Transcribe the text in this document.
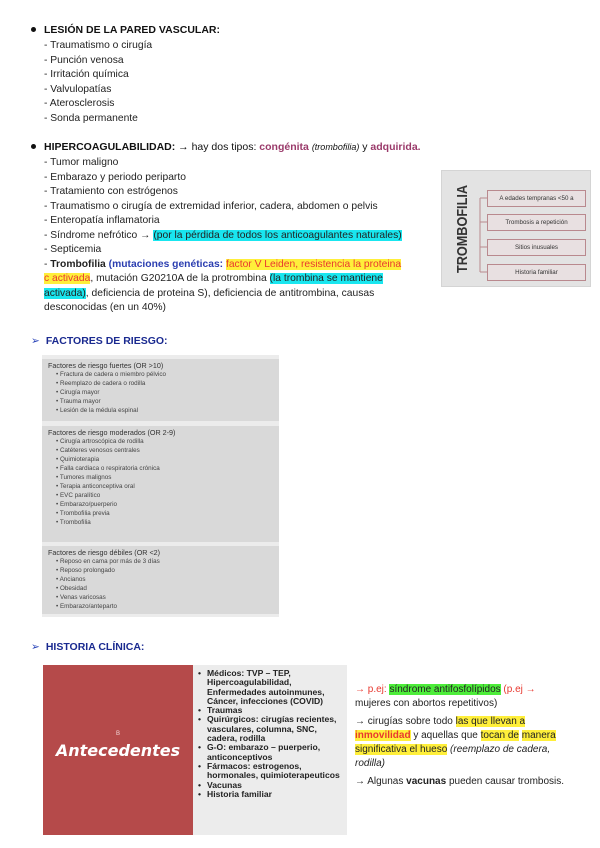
LESIÓN DE LA PARED VASCULAR:
- Traumatismo o cirugía
- Punción venosa
- Irritación química
- Valvulopatías
- Aterosclerosis
- Sonda permanente
HIPERCOAGULABILIDAD: → hay dos tipos: congénita (trombofilia) y adquirida.
- Tumor maligno
- Embarazo y periodo periparto
- Tratamiento con estrógenos
- Traumatismo o cirugía de extremidad inferior, cadera, abdomen o pelvis
- Enteropatía inflamatoria
- Síndrome nefrótico → (por la pérdida de todos los anticoagulantes naturales)
- Septicemia
- Trombofilia (mutaciones genéticas: factor V Leiden, resistencia la proteina
c activada, mutación G20210A de la protrombina (la trombina se mantiene
activada), deficiencia de proteina S), deficiencia de antitrombina, causas
desconocidas (en un 40%)
TROMBOFILIA	A edades tempranas <50 a
Trombosis a repetición
Sitios inusuales
Historia familiar
➢ FACTORES DE RIESGO:
Factores de riesgo fuertes (OR >10)
• Fractura de cadera o miembro pélvico
• Reemplazo de cadera o rodilla
• Cirugía mayor
• Trauma mayor
• Lesión de la médula espinal
Factores de riesgo moderados (OR 2-9)
• Cirugía artroscópica de rodilla
• Catéteres venosos centrales
• Quimioterapia
• Falla cardiaca o respiratoria crónica
• Tumores malignos
• Terapia anticonceptiva oral
• EVC paralítico
• Embarazo/puerperio
• Trombofilia previa
• Trombofilia
Factores de riesgo débiles (OR <2)
• Reposo en cama por más de 3 días
• Reposo prolongado
• Ancianos
• Obesidad
• Venas varicosas
• Embarazo/anteparto
➢ HISTORIA CLÍNICA:
B
Antecedentes
• Médicos: TVP – TEP, Hipercoagulabilidad, Enfermedades autoinmunes, Cáncer, infecciones (COVID)
• Traumas
• Quirúrgicos: cirugías recientes, vasculares, columna, SNC, cadera, rodilla
• G-O: embarazo – puerperio, anticonceptivos
• Fármacos: estrogenos, hormonales, quimioterapeuticos
• Vacunas
• Historia familiar

→ p.ej: síndrome antifosfolípidos (p.ej → mujeres con abortos repetitivos)

→ cirugías sobre todo las que llevan a inmovilidad y aquellas que tocan de manera significativa el hueso (reemplazo de cadera, rodilla)

→ Algunas vacunas pueden causar trombosis.
